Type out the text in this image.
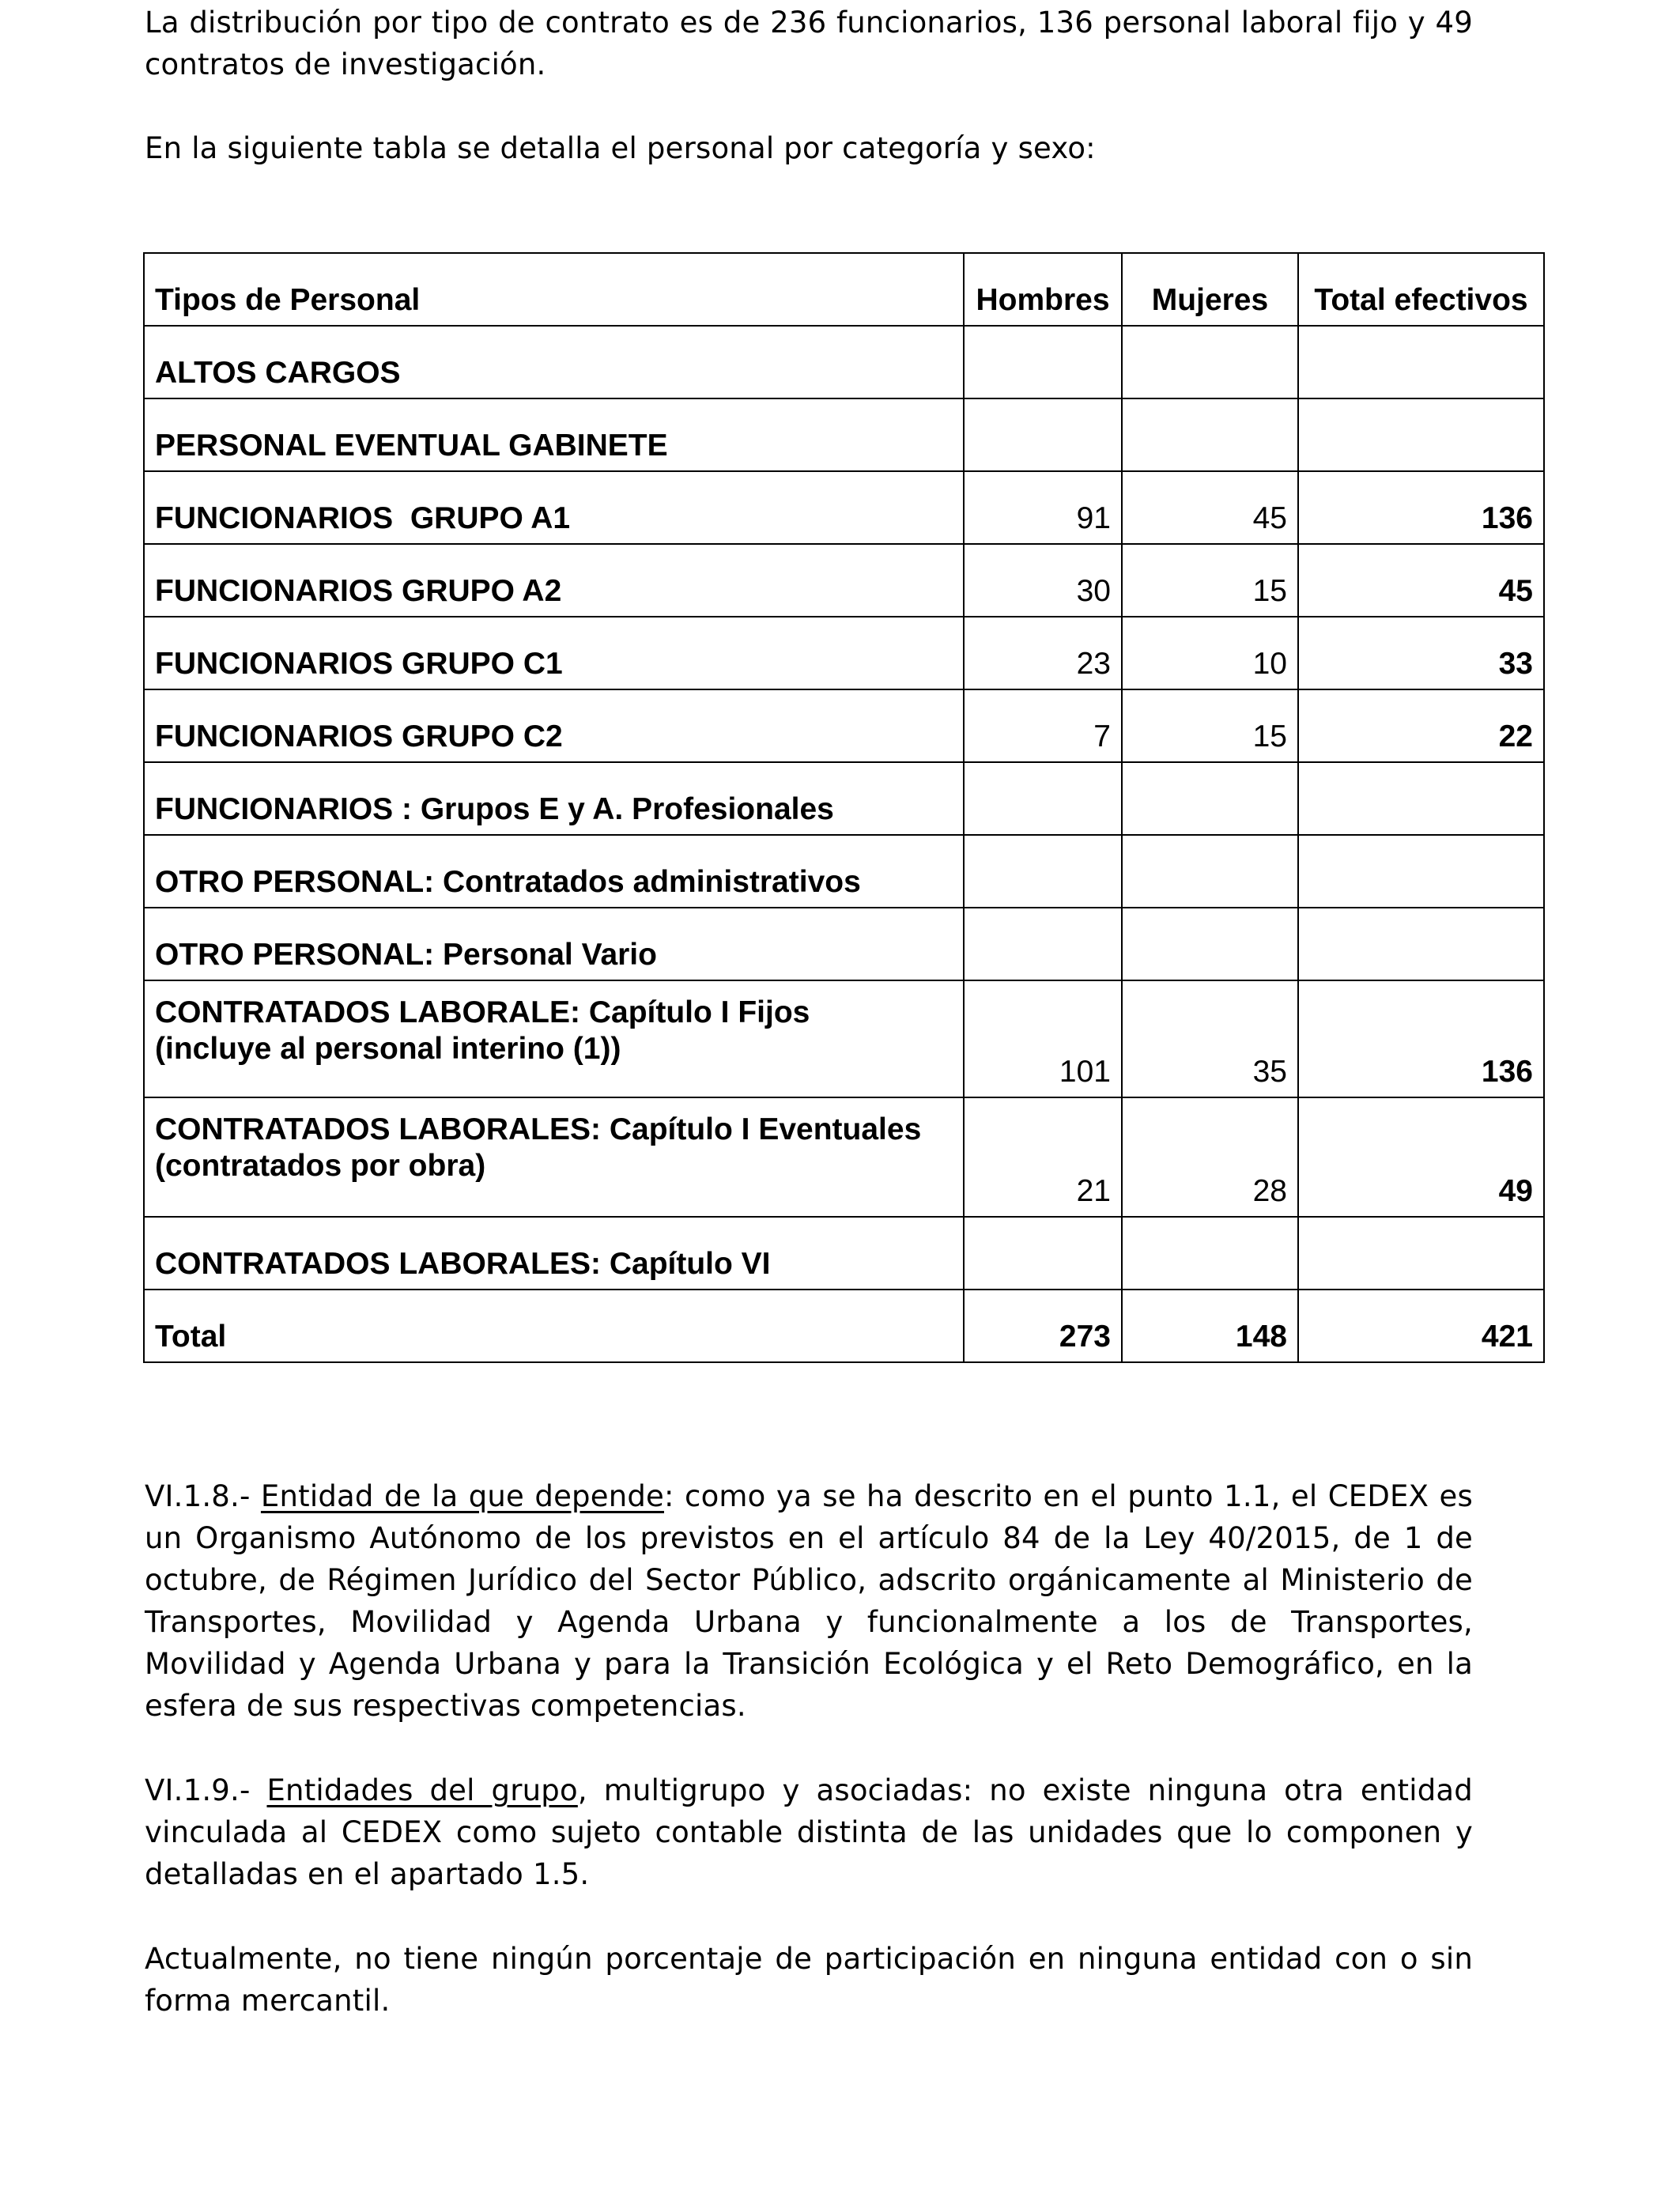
La distribución por tipo de contrato es de 236 funcionarios, 136 personal laboral fijo y 49 contratos de investigación.

En la siguiente tabla se detalla el personal por categoría y sexo:

Tipos de Personal	Hombres	Mujeres	Total efectivos
ALTOS CARGOS			
PERSONAL EVENTUAL GABINETE			
FUNCIONARIOS  GRUPO A1	91	45	136
FUNCIONARIOS GRUPO A2	30	15	45
FUNCIONARIOS GRUPO C1	23	10	33
FUNCIONARIOS GRUPO C2	7	15	22
FUNCIONARIOS : Grupos E y A. Profesionales			
OTRO PERSONAL: Contratados administrativos			
OTRO PERSONAL: Personal Vario			
CONTRATADOS LABORALE: Capítulo I Fijos (incluye al personal interino (1))	101	35	136
CONTRATADOS LABORALES: Capítulo I Eventuales (contratados por obra)	21	28	49
CONTRATADOS LABORALES: Capítulo VI			
Total	273	148	421

VI.1.8.- Entidad de la que depende: como ya se ha descrito en el punto 1.1, el CEDEX es un Organismo Autónomo de los previstos en el artículo 84 de la Ley 40/2015, de 1 de octubre, de Régimen Jurídico del Sector Público, adscrito orgánicamente al Ministerio de Transportes, Movilidad y Agenda Urbana y funcionalmente a los de Transportes, Movilidad y Agenda Urbana y para la Transición Ecológica y el Reto Demográfico, en la esfera de sus respectivas competencias.

VI.1.9.- Entidades del grupo, multigrupo y asociadas: no existe ninguna otra entidad vinculada al CEDEX como sujeto contable distinta de las unidades que lo componen y detalladas en el apartado 1.5.

Actualmente, no tiene ningún porcentaje de participación en ninguna entidad con o sin forma mercantil.
